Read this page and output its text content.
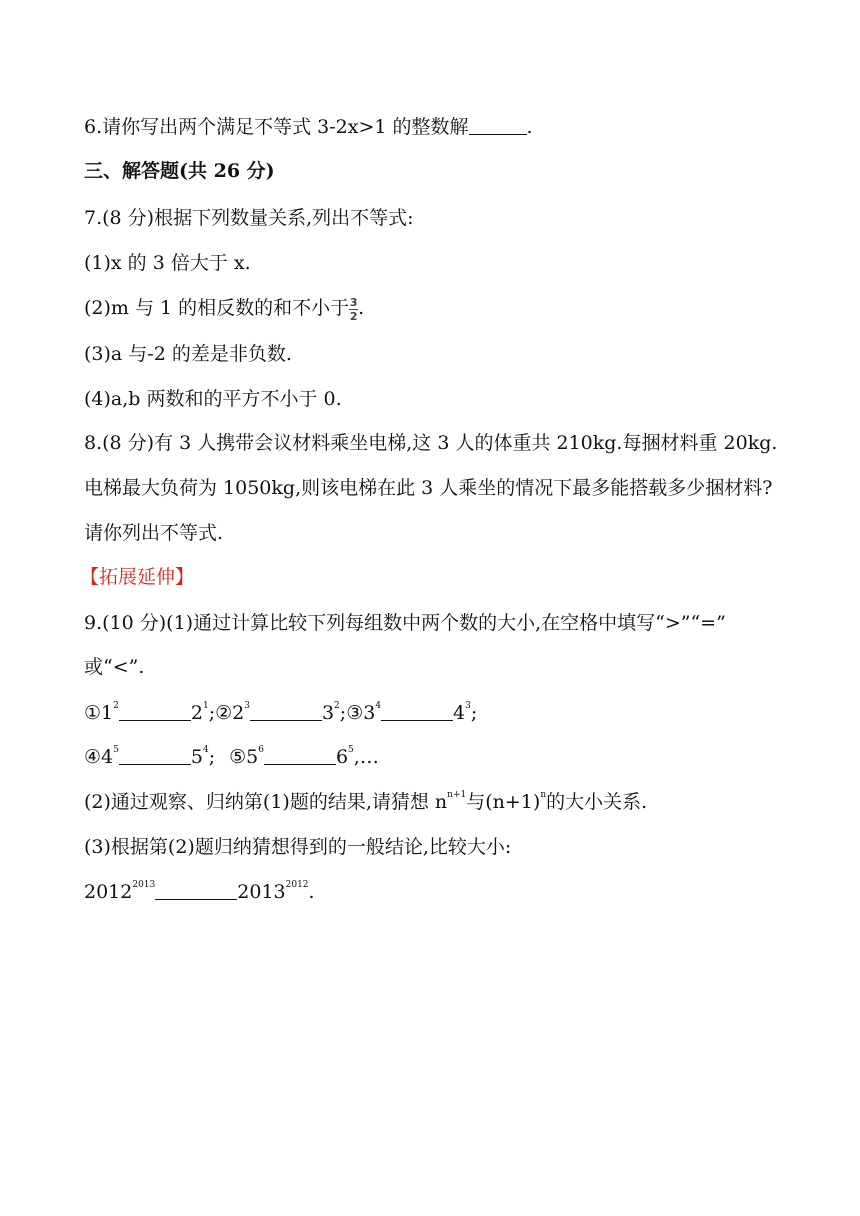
6.请你写出两个满足不等式 3-2x>1 的整数解	.
三、解答题(共 26 分)
7.(8 分)根据下列数量关系,列出不等式:
(1)x 的 3 倍大于 x.
(2)m 与 1 的相反数的和不小于 $\frac{3}{2}$ .
(3)a 与-2 的差是非负数.
(4)a,b 两数和的平方不小于 0.
8.(8 分)有 3 人携带会议材料乘坐电梯,这 3 人的体重共 210kg.每捆材料重 20kg.
电梯最大负荷为 1050kg,则该电梯在此 3 人乘坐的情况下最多能搭载多少捆材料?
请你列出不等式.
【拓展延伸】
9.(10 分)(1)通过计算比较下列每组数中两个数的大小,在空格中填写“>”“=”
或“<”.
$①1^2$	$2^1;②2^3$	$3^2;③3^4$	$4^3$;
$④4^5$	$5^4$; $⑤5^6$	$6^5,\dots$
(2)通过观察、归纳第(1)题的结果,请猜想 $n^{n+1}$与$(n+1)^n$的大小关系.
(3)根据第(2)题归纳猜想得到的一般结论,比较大小:
$2012^{2013}$	$2013^{2012}$.
